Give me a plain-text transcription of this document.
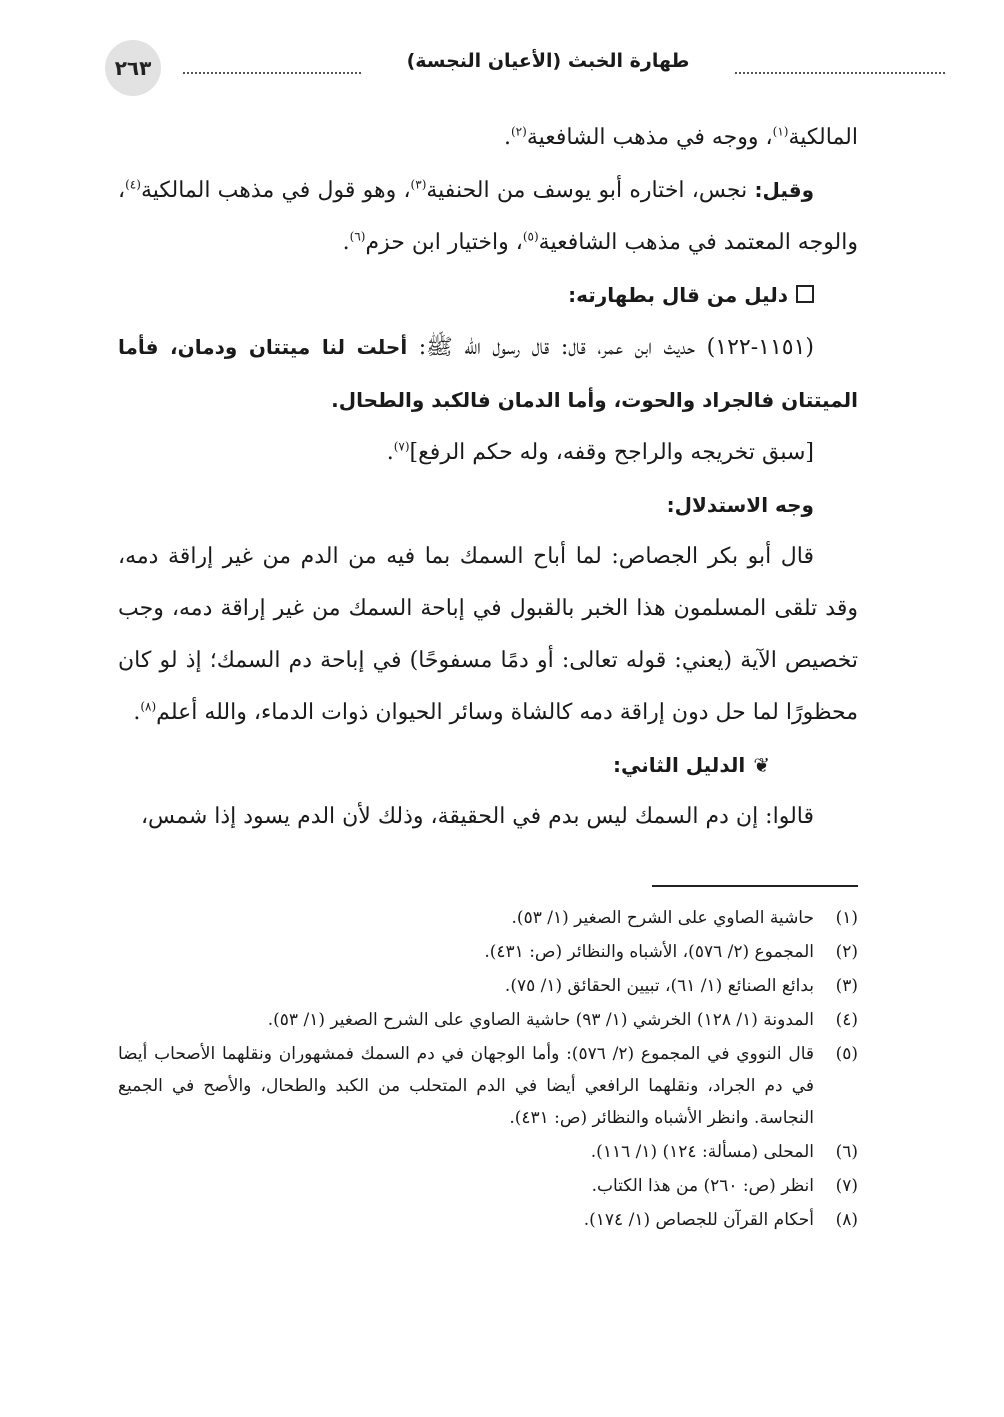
٢٦٣	طهارة الخبث (الأعيان النجسة)

المالكية$^{(١)}$، ووجه في مذهب الشافعية$^{(٢)}$.

وقيل: نجس، اختاره أبو يوسف من الحنفية$^{(٣)}$، وهو قول في مذهب المالكية$^{(٤)}$، والوجه المعتمد في مذهب الشافعية$^{(٥)}$، واختيار ابن حزم$^{(٦)}$.

دليل من قال بطهارته:

(١١٥١-١٢٢) حديث ابن عمر، قال: قال رسول الله ﷺ: أحلت لنا ميتتان ودمان، فأما الميتتان فالجراد والحوت، وأما الدمان فالكبد والطحال.

[سبق تخريجه والراجح وقفه، وله حكم الرفع]$^{(٧)}$.

وجه الاستدلال:

قال أبو بكر الجصاص: لما أباح السمك بما فيه من الدم من غير إراقة دمه، وقد تلقى المسلمون هذا الخبر بالقبول في إباحة السمك من غير إراقة دمه، وجب تخصيص الآية (يعني: قوله تعالى: أو دمًا مسفوحًا) في إباحة دم السمك؛ إذ لو كان محظورًا لما حل دون إراقة دمه كالشاة وسائر الحيوان ذوات الدماء، والله أعلم$^{(٨)}$.

❦الدليل الثاني:

قالوا: إن دم السمك ليس بدم في الحقيقة، وذلك لأن الدم يسود إذا شمس،

(١)
حاشية الصاوي على الشرح الصغير (١/ ٥٣).
(٢)
المجموع (٢/ ٥٧٦)، الأشباه والنظائر (ص: ٤٣١).
(٣)
بدائع الصنائع (١/ ٦١)، تبيين الحقائق (١/ ٧٥).
(٤)
المدونة (١/ ١٢٨) الخرشي (١/ ٩٣) حاشية الصاوي على الشرح الصغير (١/ ٥٣).
(٥)
قال النووي في المجموع (٢/ ٥٧٦): وأما الوجهان في دم السمك فمشهوران ونقلهما الأصحاب أيضا في دم الجراد، ونقلهما الرافعي أيضا في الدم المتحلب من الكبد والطحال، والأصح في الجميع النجاسة. وانظر الأشباه والنظائر (ص: ٤٣١).
(٦)
المحلى (مسألة: ١٢٤) (١/ ١١٦).
(٧)
انظر (ص: ٢٦٠) من هذا الكتاب.
(٨)
أحكام القرآن للجصاص (١/ ١٧٤).
